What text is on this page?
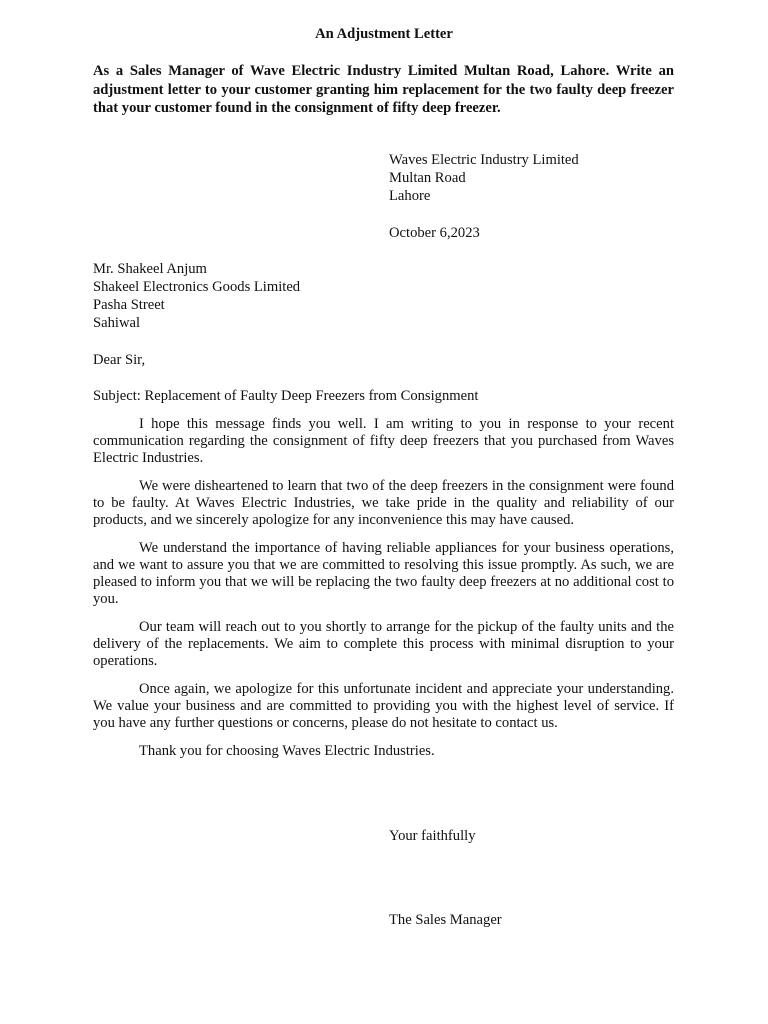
An Adjustment Letter

As a Sales Manager of Wave Electric Industry Limited Multan Road, Lahore. Write an adjustment letter to your customer granting him replacement for the two faulty deep freezer that your customer found in the consignment of fifty deep freezer.

Waves Electric Industry Limited
Multan Road
Lahore
October 6,2023
Mr. Shakeel Anjum
Shakeel Electronics Goods Limited
Pasha Street
Sahiwal
Dear Sir,
Subject: Replacement of Faulty Deep Freezers from Consignment

I hope this message finds you well. I am writing to you in response to your recent communication regarding the consignment of fifty deep freezers that you purchased from Waves Electric Industries.

We were disheartened to learn that two of the deep freezers in the consignment were found to be faulty. At Waves Electric Industries, we take pride in the quality and reliability of our products, and we sincerely apologize for any inconvenience this may have caused.

We understand the importance of having reliable appliances for your business operations, and we want to assure you that we are committed to resolving this issue promptly. As such, we are pleased to inform you that we will be replacing the two faulty deep freezers at no additional cost to you.

Our team will reach out to you shortly to arrange for the pickup of the faulty units and the delivery of the replacements. We aim to complete this process with minimal disruption to your operations.

Once again, we apologize for this unfortunate incident and appreciate your understanding. We value your business and are committed to providing you with the highest level of service. If you have any further questions or concerns, please do not hesitate to contact us.

Thank you for choosing Waves Electric Industries.

Your faithfully
The Sales Manager
